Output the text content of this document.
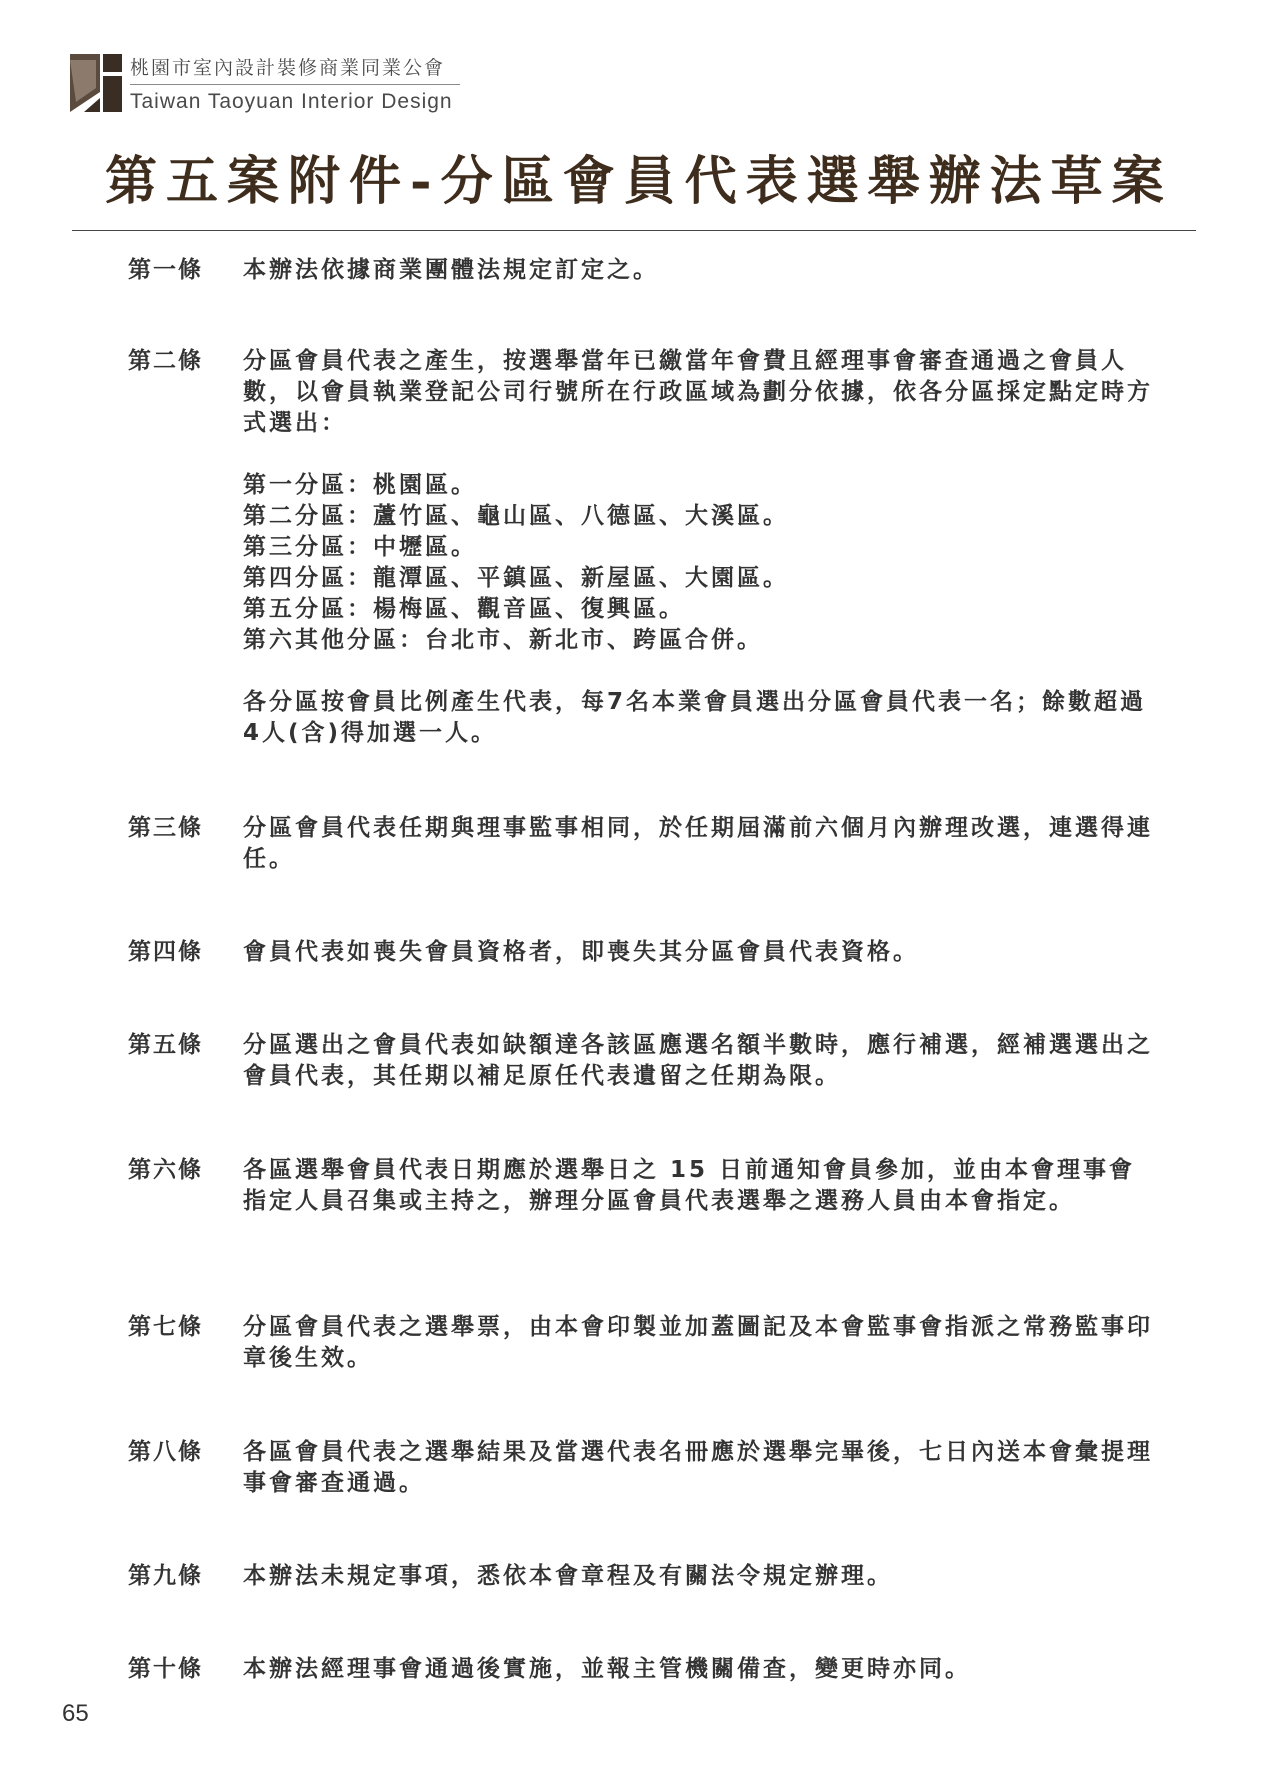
桃園市室內設計裝修商業同業公會
Taiwan Taoyuan Interior Design
第五案附件-分區會員代表選舉辦法草案
第一條	本辦法依據商業團體法規定訂定之。

第二條	分區會員代表之產生，按選舉當年已繳當年會費且經理事會審查通過之會員人數，以會員執業登記公司行號所在行政區域為劃分依據，依各分區採定點定時方式選出：

第一分區：桃園區。
第二分區：蘆竹區、龜山區、八德區、大溪區。
第三分區：中壢區。
第四分區：龍潭區、平鎮區、新屋區、大園區。
第五分區：楊梅區、觀音區、復興區。
第六其他分區：台北市、新北市、跨區合併。

各分區按會員比例產生代表，每7名本業會員選出分區會員代表一名；餘數超過4人(含)得加選一人。

第三條	分區會員代表任期與理事監事相同，於任期屆滿前六個月內辦理改選，連選得連任。

第四條	會員代表如喪失會員資格者，即喪失其分區會員代表資格。

第五條	分區選出之會員代表如缺額達各該區應選名額半數時，應行補選，經補選選出之會員代表，其任期以補足原任代表遺留之任期為限。

第六條	各區選舉會員代表日期應於選舉日之 15 日前通知會員參加，並由本會理事會指定人員召集或主持之，辦理分區會員代表選舉之選務人員由本會指定。

第七條	分區會員代表之選舉票，由本會印製並加蓋圖記及本會監事會指派之常務監事印章後生效。

第八條	各區會員代表之選舉結果及當選代表名冊應於選舉完畢後，七日內送本會彙提理事會審查通過。

第九條	本辦法未規定事項，悉依本會章程及有關法令規定辦理。

第十條	本辦法經理事會通過後實施，並報主管機關備查，變更時亦同。

65
